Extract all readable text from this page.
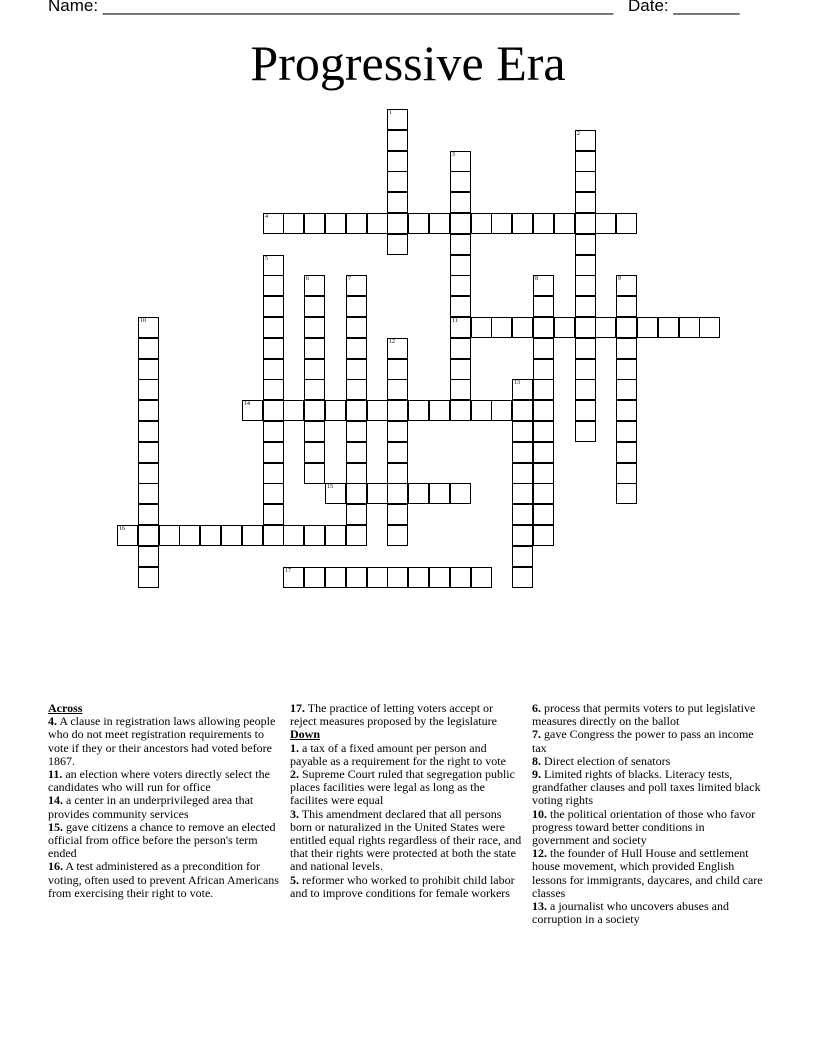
Name: ______________________________________________________ Date: _______
Progressive Era
1
2
3
11
4
5
6	7	8	9
10
12
13
14
15
16
17
Across
4. A clause in registration laws allowing people who do not meet registration requirements to vote if they or their ancestors had voted before 1867.
11. an election where voters directly select the candidates who will run for office
14. a center in an underprivileged area that provides community services
15. gave citizens a chance to remove an elected official from office before the person's term ended
16. A test administered as a precondition for voting, often used to prevent African Americans from exercising their right to vote.
17. The practice of letting voters accept or reject measures proposed by the legislature
Down
1. a tax of a fixed amount per person and payable as a requirement for the right to vote
2. Supreme Court ruled that segregation public places facilities were legal as long as the facilites were equal
3. This amendment declared that all persons born or naturalized in the United States were entitled equal rights regardless of their race, and that their rights were protected at both the state and national levels.
5. reformer who worked to prohibit child labor and to improve conditions for female workers
6. process that permits voters to put legislative measures directly on the ballot
7. gave Congress the power to pass an income tax
8. Direct election of senators
9. Limited rights of blacks. Literacy tests, grandfather clauses and poll taxes limited black voting rights
10. the political orientation of those who favor progress toward better conditions in government and society
12. the founder of Hull House and settlement house movement, which provided English lessons for immigrants, daycares, and child care classes
13. a journalist who uncovers abuses and corruption in a society
